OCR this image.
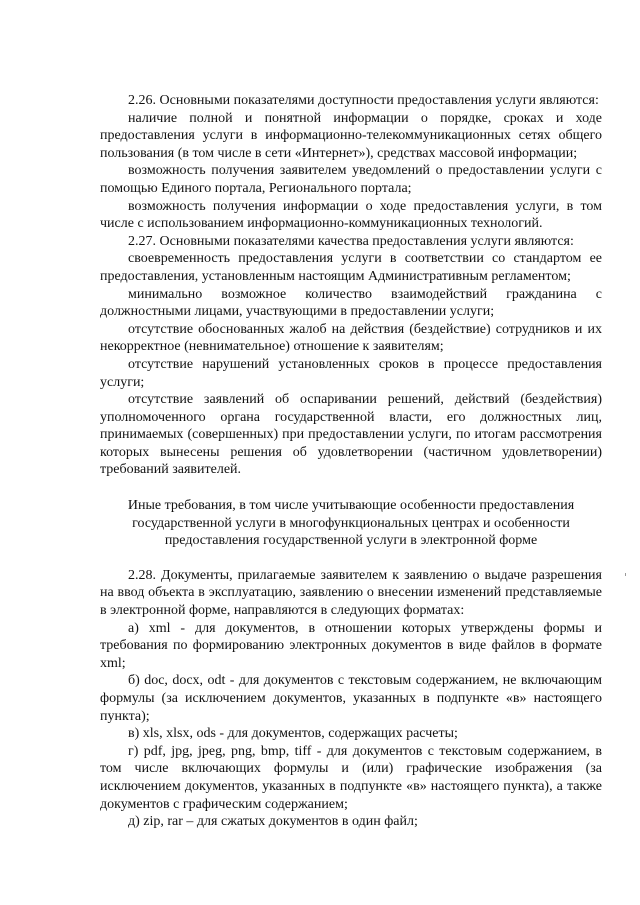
2.26. Основными показателями доступности предоставления услуги являются:

наличие полной и понятной информации о порядке, сроках и ходе предоставления услуги в информационно-телекоммуникационных сетях общего пользования (в том числе в сети «Интернет»), средствах массовой информации;

возможность получения заявителем уведомлений о предоставлении услуги с помощью Единого портала, Регионального портала;

возможность получения информации о ходе предоставления услуги, в том числе с использованием информационно-коммуникационных технологий.

2.27. Основными показателями качества предоставления услуги являются:

своевременность предоставления услуги в соответствии со стандартом ее предоставления, установленным настоящим Административным регламентом;

минимально возможное количество взаимодействий гражданина с должностными лицами, участвующими в предоставлении услуги;

отсутствие обоснованных жалоб на действия (бездействие) сотрудников и их некорректное (невнимательное) отношение к заявителям;

отсутствие нарушений установленных сроков в процессе предоставления услуги;

отсутствие заявлений об оспаривании решений, действий (бездействия) уполномоченного органа государственной власти, его должностных лиц, принимаемых (совершенных) при предоставлении услуги, по итогам рассмотрения которых вынесены решения об удовлетворении (частичном удовлетворении) требований заявителей.

Иные требования, в том числе учитывающие особенности предоставления государственной услуги в многофункциональных центрах и особенности предоставления государственной услуги в электронной форме

2.28. Документы, прилагаемые заявителем к заявлению о выдаче разрешения на ввод объекта в эксплуатацию, заявлению о внесении изменений представляемые в электронной форме, направляются в следующих форматах:

а) xml - для документов, в отношении которых утверждены формы и требования по формированию электронных документов в виде файлов в формате xml;

б) doc, docx, odt - для документов с текстовым содержанием, не включающим формулы (за исключением документов, указанных в подпункте «в» настоящего пункта);

в) xls, xlsx, ods - для документов, содержащих расчеты;

г) pdf, jpg, jpeg, png, bmp, tiff - для документов с текстовым содержанием, в том числе включающих формулы и (или) графические изображения (за исключением документов, указанных в подпункте «в» настоящего пункта), а также документов с графическим содержанием;

д) zip, rar – для сжатых документов в один файл;
